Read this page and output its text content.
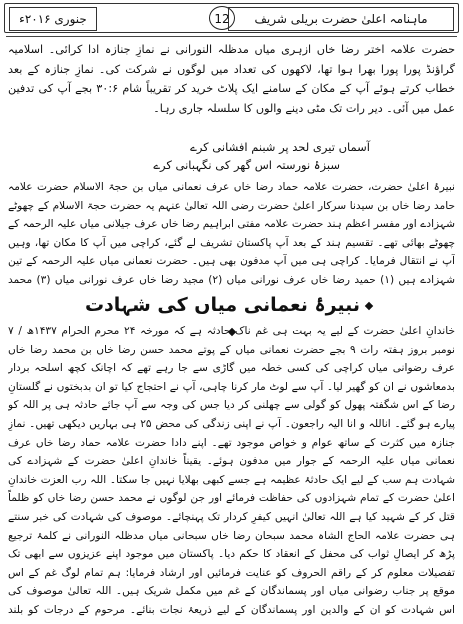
جنوری ۲۰۱۶ء	12	ماہنامہ اعلیٰ حضرت بریلی شریف

حضرت علامہ اختر رضا خاں ازہری میاں مدظلہ النورانی نے نمازِ جنازہ ادا کرائی۔ اسلامیہ گراؤنڈ پورا پورا بھرا ہوا تھا، لاکھوں کی تعداد میں لوگوں نے شرکت کی۔ نمازِ جنازہ کے بعد خطاب کرتے ہوئے آپ کے مکان کے سامنے ایک پلاٹ خرید کر تقریباً شام ۳۰:۶ بجے آپ کی تدفین عمل میں آئی۔ دیر رات تک مٹی دینے والوں کا سلسلہ جاری رہا۔

آسماں تیری لحد پر شبنم افشانی کرے
سبزۂ نورستہ اس گھر کی نگہبانی کرے

نبیرۂ اعلیٰ حضرت، حضرت علامہ حماد رضا خاں عرف نعمانی میاں بن حجۃ الاسلام حضرت علامہ حامد رضا خاں بن سیدنا سرکار اعلیٰ حضرت رضی اللہ تعالیٰ عنہم یہ حضرت حجۃ الاسلام کے چھوٹے شہزادے اور مفسر اعظم ہند حضرت علامہ مفتی ابراہیم رضا خاں عرف جیلانی میاں علیہ الرحمہ کے چھوٹے بھائی تھے۔ تقسیم ہند کے بعد آپ پاکستان تشریف لے گئے، کراچی میں آپ کا مکان تھا، وہیں آپ نے انتقال فرمایا۔ کراچی ہی میں آپ مدفون بھی ہیں۔ حضرت نعمانی میاں علیہ الرحمہ کے تین شہزادے ہیں (۱) حمید رضا خاں عرف نورانی میاں (۲) مجید رضا خاں عرف نورانی میاں (۳) محمد

نبیرۂ نعمانی میاں کی شہادت

خاندانِ اعلیٰ حضرت کے لیے یہ بہت ہی غم ناک حادثہ ہے کہ مورخہ ۲۴ محرم الحرام ۱۴۳۷ھ / ۷ نومبر بروز ہفتہ رات ۹ بجے حضرت نعمانی میاں کے پوتے محمد حسن رضا خاں بن محمد رضا خاں عرف رضوانی میاں کراچی کی کسی خطہ میں گاڑی سے جا رہے تھے کہ اچانک کچھ اسلحہ بردار بدمعاشوں نے ان کو گھیر لیا۔ آپ سے لوٹ مار کرنا چاہی، آپ نے احتجاج کیا تو ان بدبختوں نے گلستانِ رضا کے اس شگفتہ پھول کو گولی سے چھلنی کر دیا جس کی وجہ سے آپ جائے حادثہ ہی پر اللہ کو پیارے ہو گئے۔ اناللہ و انا الیہ راجعون۔ آپ نے اپنی زندگی کی محض ۲۵ ہی بہاریں دیکھی تھیں۔ نمازِ جنازہ میں کثرت کے ساتھ عوام و خواص موجود تھے۔ اپنے دادا حضرت علامہ حماد رضا خاں عرف نعمانی میاں علیہ الرحمہ کے جوار میں مدفون ہوئے۔ یقیناً خاندانِ اعلیٰ حضرت کے شہزادے کی شہادت ہم سب کے لیے ایک حادثۂ عظیمہ ہے جسے کبھی بھلایا نہیں جا سکتا۔ اللہ رب العزت خاندانِ اعلیٰ حضرت کے تمام شہزادوں کی حفاظت فرمائے اور جن لوگوں نے محمد حسن رضا خاں کو ظلماً قتل کر کے شہید کیا ہے اللہ تعالیٰ انہیں کیفرِ کردار تک پہنچائے۔ موصوف کی شہادت کی خبر سنتے ہی حضرت علامہ الحاج الشاہ محمد سبحان رضا خاں سبحانی میاں مدظلہ النورانی نے کلمۂ ترجیع پڑھ کر ایصالِ ثواب کی محفل کے انعقاد کا حکم دیا۔ پاکستان میں موجود اپنے عزیزوں سے ابھی تک تفصیلات معلوم کر کے راقم الحروف کو عنایت فرمائیں اور ارشاد فرمایا: ہم تمام لوگ غم کے اس موقع پر جناب رضوانی میاں اور پسماندگان کے غم میں مکمل شریک ہیں۔ اللہ تعالیٰ موصوف کی اس شہادت کو ان کے والدین اور پسماندگان کے لیے ذریعۂ نجات بنائے۔ مرحوم کے درجات کو بلند
